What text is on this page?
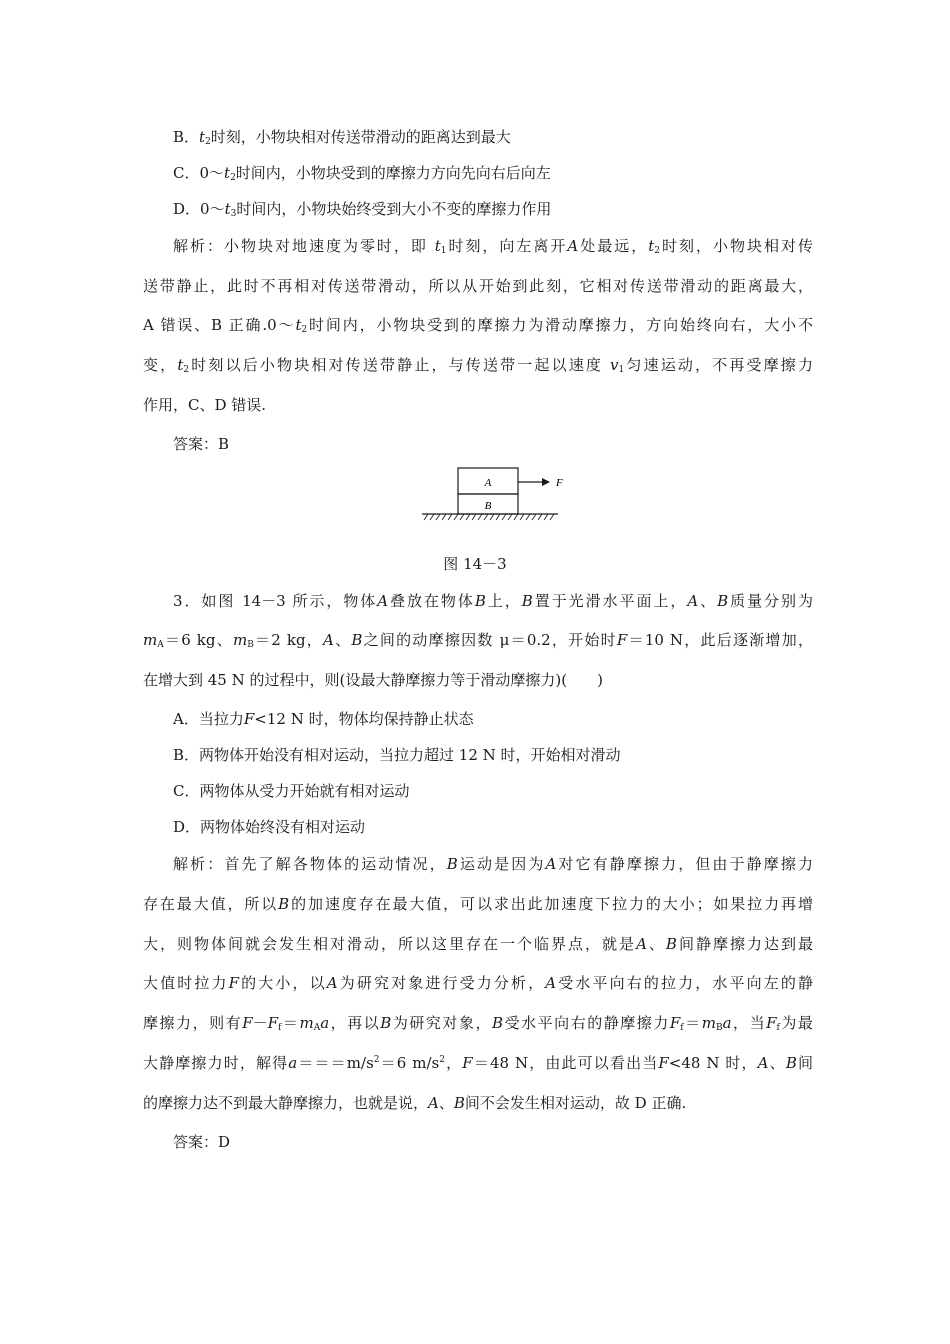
B．$t_2$时刻，小物块相对传送带滑动的距离达到最大
C．$0\sim t_2$时间内，小物块受到的摩擦力方向先向右后向左
D．$0\sim t_3$时间内，小物块始终受到大小不变的摩擦力作用
解析：小物块对地速度为零时，即 $t_1$时刻，向左离开A处最远，$t_2$时刻，小物块相对传
送带静止，此时不再相对传送带滑动，所以从开始到此刻，它相对传送带滑动的距离最大，
A 错误、B 正确$.0\sim t_2$时间内，小物块受到的摩擦力为滑动摩擦力，方向始终向右，大小不
变，$t_2$时刻以后小物块相对传送带静止，与传送带一起以速度 $v_1$匀速运动，不再受摩擦力
作用，C、D 错误.
答案：B
A
B
F
图 14－3
3．如图 14－3 所示，物体A叠放在物体B上，B置于光滑水平面上，A、B质量分别为
$m_A=6$ kg、$m_B=2$ kg，A、B之间的动摩擦因数 μ＝0.2，开始时F＝10 N，此后逐渐增加，
在增大到 45 N 的过程中，则(设最大静摩擦力等于滑动摩擦力)(　　)
A．当拉力F<12 N 时，物体均保持静止状态
B．两物体开始没有相对运动，当拉力超过 12 N 时，开始相对滑动
C．两物体从受力开始就有相对运动
D．两物体始终没有相对运动
解析：首先了解各物体的运动情况，B运动是因为A对它有静摩擦力，但由于静摩擦力
存在最大值，所以B的加速度存在最大值，可以求出此加速度下拉力的大小；如果拉力再增
大，则物体间就会发生相对滑动，所以这里存在一个临界点，就是A、B间静摩擦力达到最
大值时拉力F的大小，以A为研究对象进行受力分析，A受水平向右的拉力，水平向左的静
摩擦力，则有$F-F_f=m_Aa$，再以B为研究对象，B受水平向右的静摩擦力$F_f=m_Ba$，当$F_f$为最
大静摩擦力时，解得$a===m/s^2=6$ $m/s^2$，F＝48 N，由此可以看出当F<48 N 时，A、B间
的摩擦力达不到最大静摩擦力，也就是说，A、B间不会发生相对运动，故 D 正确.
答案：D
